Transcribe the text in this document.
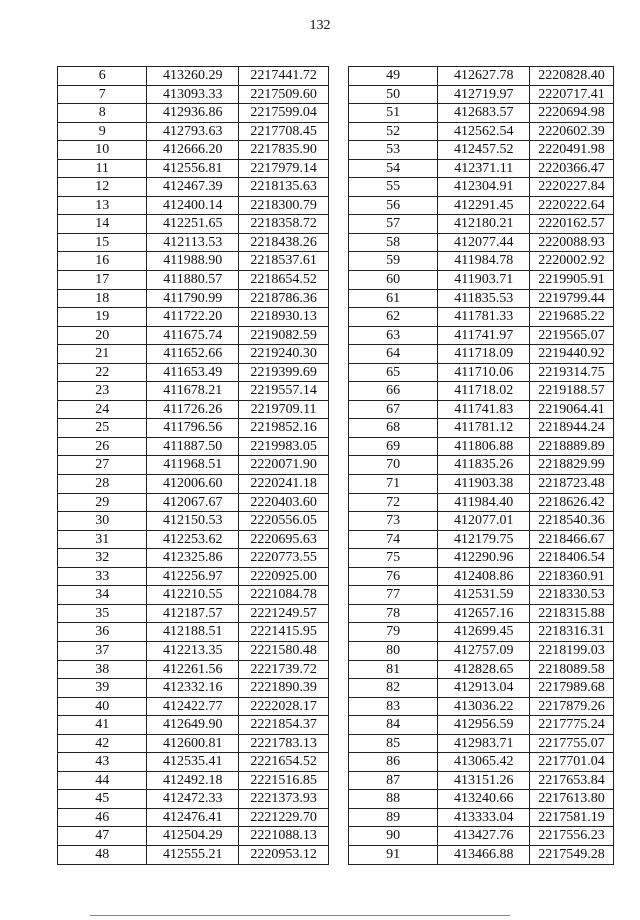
132
6	413260.29	2217441.72
7	413093.33	2217509.60
8	412936.86	2217599.04
9	412793.63	2217708.45
10	412666.20	2217835.90
11	412556.81	2217979.14
12	412467.39	2218135.63
13	412400.14	2218300.79
14	412251.65	2218358.72
15	412113.53	2218438.26
16	411988.90	2218537.61
17	411880.57	2218654.52
18	411790.99	2218786.36
19	411722.20	2218930.13
20	411675.74	2219082.59
21	411652.66	2219240.30
22	411653.49	2219399.69
23	411678.21	2219557.14
24	411726.26	2219709.11
25	411796.56	2219852.16
26	411887.50	2219983.05
27	411968.51	2220071.90
28	412006.60	2220241.18
29	412067.67	2220403.60
30	412150.53	2220556.05
31	412253.62	2220695.63
32	412325.86	2220773.55
33	412256.97	2220925.00
34	412210.55	2221084.78
35	412187.57	2221249.57
36	412188.51	2221415.95
37	412213.35	2221580.48
38	412261.56	2221739.72
39	412332.16	2221890.39
40	412422.77	2222028.17
41	412649.90	2221854.37
42	412600.81	2221783.13
43	412535.41	2221654.52
44	412492.18	2221516.85
45	412472.33	2221373.93
46	412476.41	2221229.70
47	412504.29	2221088.13
48	412555.21	2220953.12
49	412627.78	2220828.40
50	412719.97	2220717.41
51	412683.57	2220694.98
52	412562.54	2220602.39
53	412457.52	2220491.98
54	412371.11	2220366.47
55	412304.91	2220227.84
56	412291.45	2220222.64
57	412180.21	2220162.57
58	412077.44	2220088.93
59	411984.78	2220002.92
60	411903.71	2219905.91
61	411835.53	2219799.44
62	411781.33	2219685.22
63	411741.97	2219565.07
64	411718.09	2219440.92
65	411710.06	2219314.75
66	411718.02	2219188.57
67	411741.83	2219064.41
68	411781.12	2218944.24
69	411806.88	2218889.89
70	411835.26	2218829.99
71	411903.38	2218723.48
72	411984.40	2218626.42
73	412077.01	2218540.36
74	412179.75	2218466.67
75	412290.96	2218406.54
76	412408.86	2218360.91
77	412531.59	2218330.53
78	412657.16	2218315.88
79	412699.45	2218316.31
80	412757.09	2218199.03
81	412828.65	2218089.58
82	412913.04	2217989.68
83	413036.22	2217879.26
84	412956.59	2217775.24
85	412983.71	2217755.07
86	413065.42	2217701.04
87	413151.26	2217653.84
88	413240.66	2217613.80
89	413333.04	2217581.19
90	413427.76	2217556.23
91	413466.88	2217549.28
